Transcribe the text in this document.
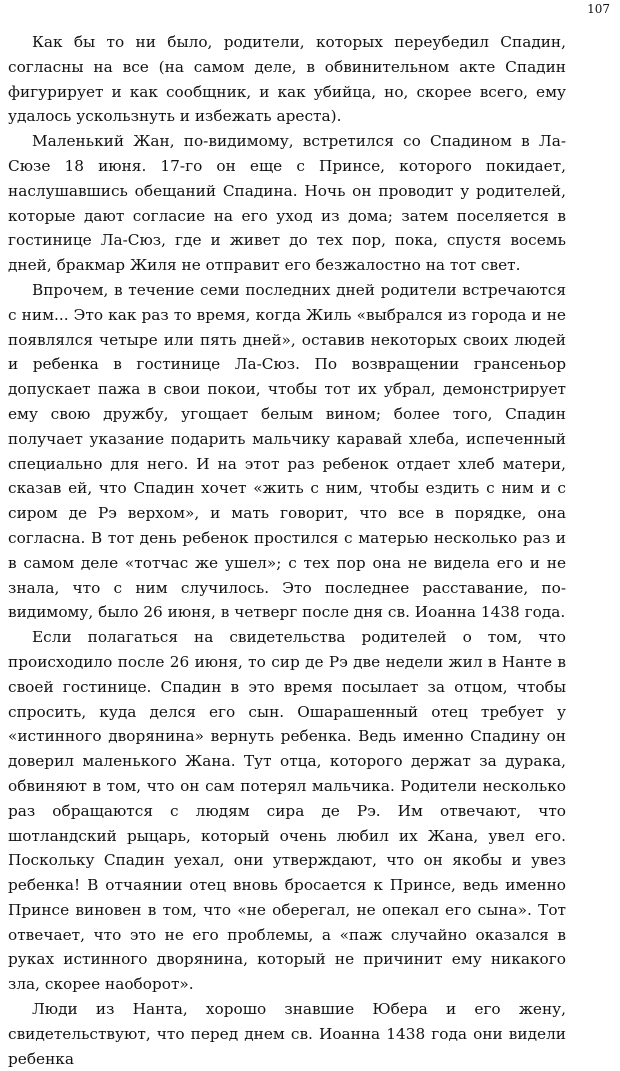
107

Как бы то ни было, родители, которых переубедил Спадин, согласны на все (на самом деле, в обвинительном акте Спадин фигурирует и как сообщник, и как убийца, но, скорее всего, ему удалось ускользнуть и избежать ареста).

Маленький Жан, по-видимому, встретился со Спадином в Ла-Сюзе 18 июня. 17-го он еще с Принсе, которого покидает, наслушавшись обещаний Спадина. Ночь он проводит у родителей, которые дают согласие на его уход из дома; затем поселяется в гостинице Ла-Сюз, где и живет до тех пор, пока, спустя восемь дней, бракмар Жиля не отправит его безжалостно на тот свет.

Впрочем, в течение семи последних дней родители встречаются с ним... Это как раз то время, когда Жиль «выбрался из города и не появлялся четыре или пять дней», оставив некоторых своих людей и ребенка в гостинице Ла-Сюз. По возвращении грансеньор допускает пажа в свои покои, чтобы тот их убрал, демонстрирует ему свою дружбу, угощает белым вином; более того, Спадин получает указание подарить мальчику каравай хлеба, испеченный специально для него. И на этот раз ребенок отдает хлеб матери, сказав ей, что Спадин хочет «жить с ним, чтобы ездить с ним и с сиром де Рэ верхом», и мать говорит, что все в порядке, она согласна. В тот день ребенок простился с матерью несколько раз и в самом деле «тотчас же ушел»; с тех пор она не видела его и не знала, что с ним случилось. Это последнее расставание, по-видимому, было 26 июня, в четверг после дня св. Иоанна 1438 года.

Если полагаться на свидетельства родителей о том, что происходило после 26 июня, то сир де Рэ две недели жил в Нанте в своей гостинице. Спадин в это время посылает за отцом, чтобы спросить, куда делся его сын. Ошарашенный отец требует у «истинного дворянина» вернуть ребенка. Ведь именно Спадину он доверил маленького Жана. Тут отца, которого держат за дурака, обвиняют в том, что он сам потерял мальчика. Родители несколько раз обращаются с людям сира де Рэ. Им отвечают, что шотландский рыцарь, который очень любил их Жана, увел его. Поскольку Спадин уехал, они утверждают, что он якобы и увез ребенка! В отчаянии отец вновь бросается к Принсе, ведь именно Принсе виновен в том, что «не оберегал, не опекал его сына». Тот отвечает, что это не его проблемы, а «паж случайно оказался в руках истинного дворянина, который не причинит ему никакого зла, скорее наоборот».

Люди из Нанта, хорошо знавшие Юбера и его жену, свидетельствуют, что перед днем св. Иоанна 1438 года они видели ребенка
